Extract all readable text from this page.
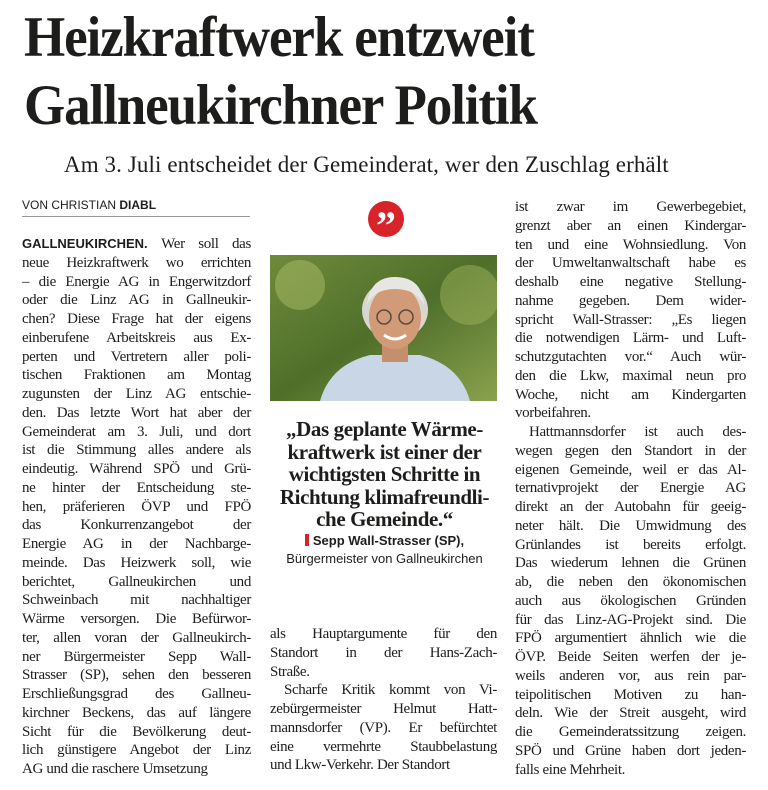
Heizkraftwerk entzweit
Gallneukirchner Politik
Am 3. Juli entscheidet der Gemeinderat, wer den Zuschlag erhält
VON CHRISTIAN DIABL
GALLNEUKIRCHEN. Wer soll das
neue Heizkraftwerk wo errichten
– die Energie AG in Engerwitzdorf
oder die Linz AG in Gallneukir-
chen? Diese Frage hat der eigens
einberufene Arbeitskreis aus Ex-
perten und Vertretern aller poli-
tischen Fraktionen am Montag
zugunsten der Linz AG entschie-
den. Das letzte Wort hat aber der
Gemeinderat am 3. Juli, und dort
ist die Stimmung alles andere als
eindeutig. Während SPÖ und Grü-
ne hinter der Entscheidung ste-
hen, präferieren ÖVP und FPÖ
das Konkurrenzangebot der
Energie AG in der Nachbarge-
meinde. Das Heizwerk soll, wie
berichtet, Gallneukirchen und
Schweinbach mit nachhaltiger
Wärme versorgen. Die Befürwor-
ter, allen voran der Gallneukirch-
ner Bürgermeister Sepp Wall-
Strasser (SP), sehen den besseren
Erschließungsgrad des Gallneu-
kirchner Beckens, das auf längere
Sicht für die Bevölkerung deut-
lich günstigere Angebot der Linz
AG und die raschere Umsetzung
”
„Das geplante Wärme-
kraftwerk ist einer der
wichtigsten Schritte in
Richtung klimafreundli-
che Gemeinde.“
Sepp Wall-Strasser (SP),
Bürgermeister von Gallneukirchen
als Hauptargumente für den
Standort in der Hans-Zach-
Straße.
Scharfe Kritik kommt von Vi-
zebürgermeister Helmut Hatt-
mannsdorfer (VP). Er befürchtet
eine vermehrte Staubbelastung
und Lkw-Verkehr. Der Standort
ist zwar im Gewerbegebiet,
grenzt aber an einen Kindergar-
ten und eine Wohnsiedlung. Von
der Umweltanwaltschaft habe es
deshalb eine negative Stellung-
nahme gegeben. Dem wider-
spricht Wall-Strasser: „Es liegen
die notwendigen Lärm- und Luft-
schutzgutachten vor.“ Auch wür-
den die Lkw, maximal neun pro
Woche, nicht am Kindergarten
vorbeifahren.
Hattmannsdorfer ist auch des-
wegen gegen den Standort in der
eigenen Gemeinde, weil er das Al-
ternativprojekt der Energie AG
direkt an der Autobahn für geeig-
neter hält. Die Umwidmung des
Grünlandes ist bereits erfolgt.
Das wiederum lehnen die Grünen
ab, die neben den ökonomischen
auch aus ökologischen Gründen
für das Linz-AG-Projekt sind. Die
FPÖ argumentiert ähnlich wie die
ÖVP. Beide Seiten werfen der je-
weils anderen vor, aus rein par-
teipolitischen Motiven zu han-
deln. Wie der Streit ausgeht, wird
die Gemeinderatssitzung zeigen.
SPÖ und Grüne haben dort jeden-
falls eine Mehrheit.
